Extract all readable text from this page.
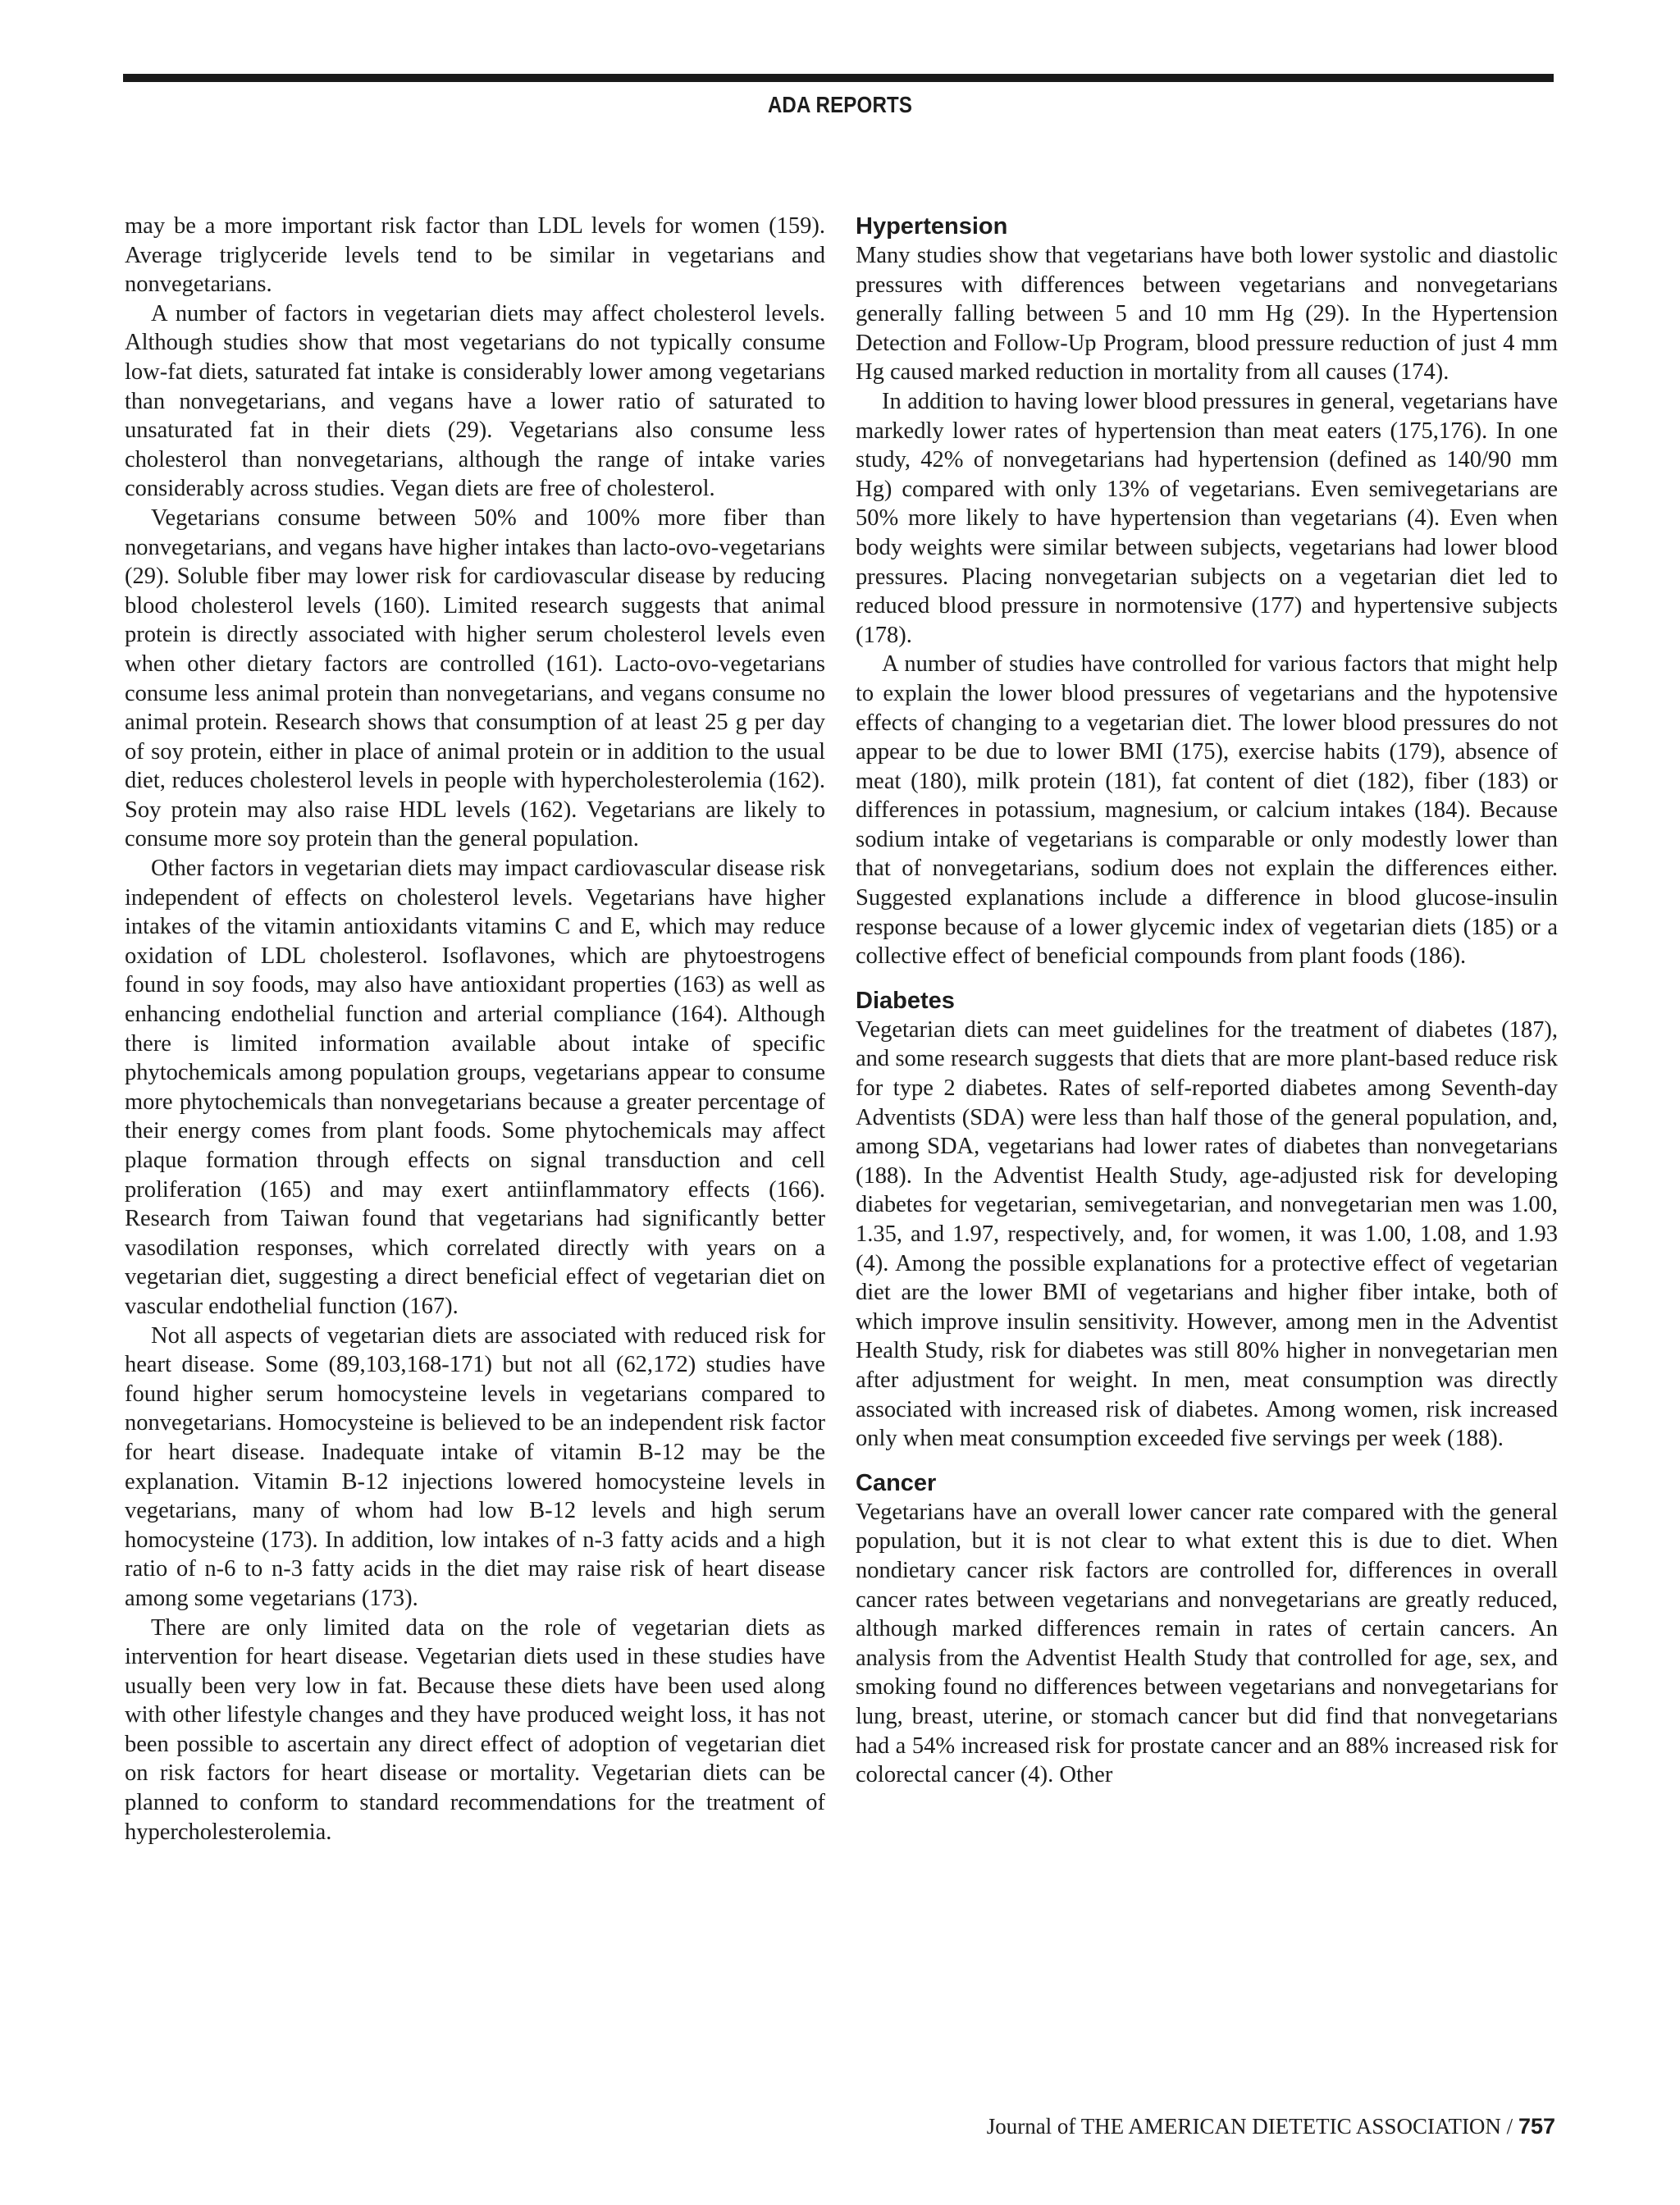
ADA REPORTS

may be a more important risk factor than LDL levels for women (159). Average triglyceride levels tend to be similar in vegetarians and nonvegetarians.

A number of factors in vegetarian diets may affect cholesterol levels. Although studies show that most vegetarians do not typically consume low-fat diets, saturated fat intake is considerably lower among vegetarians than nonvegetarians, and vegans have a lower ratio of saturated to unsaturated fat in their diets (29). Vegetarians also consume less cholesterol than nonvegetarians, although the range of intake varies considerably across studies. Vegan diets are free of cholesterol.

Vegetarians consume between 50% and 100% more fiber than nonvegetarians, and vegans have higher intakes than lacto-ovo-vegetarians (29). Soluble fiber may lower risk for cardiovascular disease by reducing blood cholesterol levels (160). Limited research suggests that animal protein is directly associated with higher serum cholesterol levels even when other dietary factors are controlled (161). Lacto-ovo-vegetarians consume less animal protein than nonvegetarians, and vegans consume no animal protein. Research shows that consumption of at least 25 g per day of soy protein, either in place of animal protein or in addition to the usual diet, reduces cholesterol levels in people with hypercholesterolemia (162). Soy protein may also raise HDL levels (162). Vegetarians are likely to consume more soy protein than the general population.

Other factors in vegetarian diets may impact cardiovascular disease risk independent of effects on cholesterol levels. Vegetarians have higher intakes of the vitamin antioxidants vitamins C and E, which may reduce oxidation of LDL cholesterol. Isoflavones, which are phytoestrogens found in soy foods, may also have antioxidant properties (163) as well as enhancing endothelial function and arterial compliance (164). Although there is limited information available about intake of specific phytochemicals among population groups, vegetarians appear to consume more phytochemicals than nonvegetarians because a greater percentage of their energy comes from plant foods. Some phytochemicals may affect plaque formation through effects on signal transduction and cell proliferation (165) and may exert antiinflammatory effects (166). Research from Taiwan found that vegetarians had significantly better vasodilation responses, which correlated directly with years on a vegetarian diet, suggesting a direct beneficial effect of vegetarian diet on vascular endothelial function (167).

Not all aspects of vegetarian diets are associated with reduced risk for heart disease. Some (89,103,168-171) but not all (62,172) studies have found higher serum homocysteine levels in vegetarians compared to nonvegetarians. Homocysteine is believed to be an independent risk factor for heart disease. Inadequate intake of vitamin B-12 may be the explanation. Vitamin B-12 injections lowered homocysteine levels in vegetarians, many of whom had low B-12 levels and high serum homocysteine (173). In addition, low intakes of n-3 fatty acids and a high ratio of n-6 to n-3 fatty acids in the diet may raise risk of heart disease among some vegetarians (173).

There are only limited data on the role of vegetarian diets as intervention for heart disease. Vegetarian diets used in these studies have usually been very low in fat. Because these diets have been used along with other lifestyle changes and they have produced weight loss, it has not been possible to ascertain any direct effect of adoption of vegetarian diet on risk factors for heart disease or mortality. Vegetarian diets can be planned to conform to standard recommendations for the treatment of hypercholesterolemia.

Hypertension

Many studies show that vegetarians have both lower systolic and diastolic pressures with differences between vegetarians and nonvegetarians generally falling between 5 and 10 mm Hg (29). In the Hypertension Detection and Follow-Up Program, blood pressure reduction of just 4 mm Hg caused marked reduction in mortality from all causes (174).

In addition to having lower blood pressures in general, vegetarians have markedly lower rates of hypertension than meat eaters (175,176). In one study, 42% of nonvegetarians had hypertension (defined as 140/90 mm Hg) compared with only 13% of vegetarians. Even semivegetarians are 50% more likely to have hypertension than vegetarians (4). Even when body weights were similar between subjects, vegetarians had lower blood pressures. Placing nonvegetarian subjects on a vegetarian diet led to reduced blood pressure in normotensive (177) and hypertensive subjects (178).

A number of studies have controlled for various factors that might help to explain the lower blood pressures of vegetarians and the hypotensive effects of changing to a vegetarian diet. The lower blood pressures do not appear to be due to lower BMI (175), exercise habits (179), absence of meat (180), milk protein (181), fat content of diet (182), fiber (183) or differences in potassium, magnesium, or calcium intakes (184). Because sodium intake of vegetarians is comparable or only modestly lower than that of nonvegetarians, sodium does not explain the differences either. Suggested explanations include a difference in blood glucose-insulin response because of a lower glycemic index of vegetarian diets (185) or a collective effect of beneficial compounds from plant foods (186).

Diabetes

Vegetarian diets can meet guidelines for the treatment of diabetes (187), and some research suggests that diets that are more plant-based reduce risk for type 2 diabetes. Rates of self-reported diabetes among Seventh-day Adventists (SDA) were less than half those of the general population, and, among SDA, vegetarians had lower rates of diabetes than nonvegetarians (188). In the Adventist Health Study, age-adjusted risk for developing diabetes for vegetarian, semivegetarian, and nonvegetarian men was 1.00, 1.35, and 1.97, respectively, and, for women, it was 1.00, 1.08, and 1.93 (4). Among the possible explanations for a protective effect of vegetarian diet are the lower BMI of vegetarians and higher fiber intake, both of which improve insulin sensitivity. However, among men in the Adventist Health Study, risk for diabetes was still 80% higher in nonvegetarian men after adjustment for weight. In men, meat consumption was directly associated with increased risk of diabetes. Among women, risk increased only when meat consumption exceeded five servings per week (188).

Cancer

Vegetarians have an overall lower cancer rate compared with the general population, but it is not clear to what extent this is due to diet. When nondietary cancer risk factors are controlled for, differences in overall cancer rates between vegetarians and nonvegetarians are greatly reduced, although marked differences remain in rates of certain cancers. An analysis from the Adventist Health Study that controlled for age, sex, and smoking found no differences between vegetarians and nonvegetarians for lung, breast, uterine, or stomach cancer but did find that nonvegetarians had a 54% increased risk for prostate cancer and an 88% increased risk for colorectal cancer (4). Other

Journal of THE AMERICAN DIETETIC ASSOCIATION / 757
